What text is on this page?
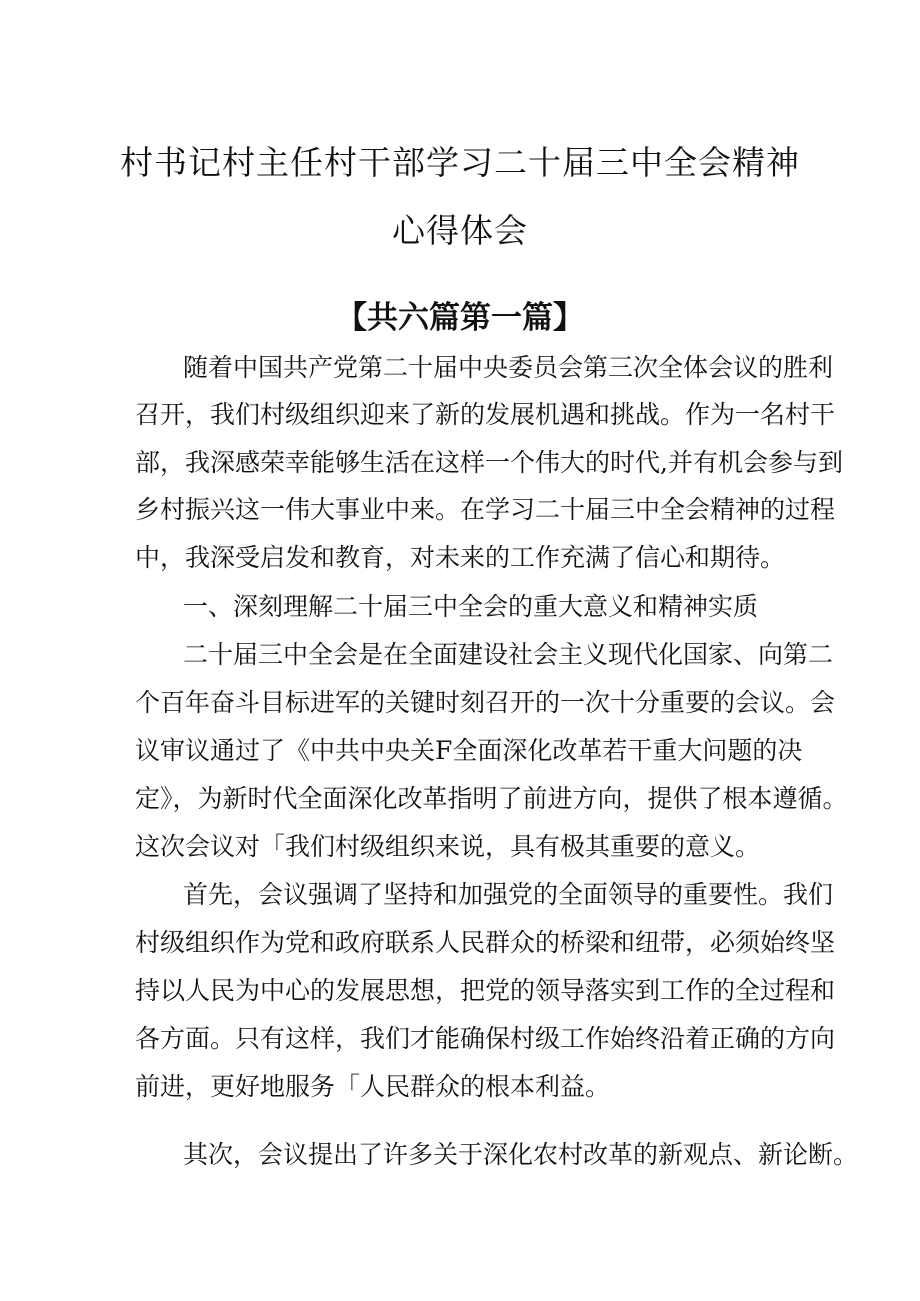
村书记村主任村干部学习二十届三中全会精神
心得体会
【共六篇第一篇】
随着中国共产党第二十届中央委员会第三次全体会议的胜利
召开，我们村级组织迎来了新的发展机遇和挑战。作为一名村干
部，我深感荣幸能够生活在这样一个伟大的时代,并有机会参与到
乡村振兴这一伟大事业中来。在学习二十届三中全会精神的过程
中，我深受启发和教育，对未来的工作充满了信心和期待。
一、深刻理解二十届三中全会的重大意义和精神实质
二十届三中全会是在全面建设社会主义现代化国家、向第二
个百年奋斗目标进军的关键时刻召开的一次十分重要的会议。会
议审议通过了《中共中央关F全面深化改革若干重大问题的决
定》，为新时代全面深化改革指明了前进方向，提供了根本遵循。
这次会议对「我们村级组织来说，具有极其重要的意义。
首先，会议强调了坚持和加强党的全面领导的重要性。我们
村级组织作为党和政府联系人民群众的桥梁和纽带，必须始终坚
持以人民为中心的发展思想，把党的领导落实到工作的全过程和
各方面。只有这样，我们才能确保村级工作始终沿着正确的方向
前进，更好地服务「人民群众的根本利益。
其次，会议提出了许多关于深化农村改革的新观点、新论断。
